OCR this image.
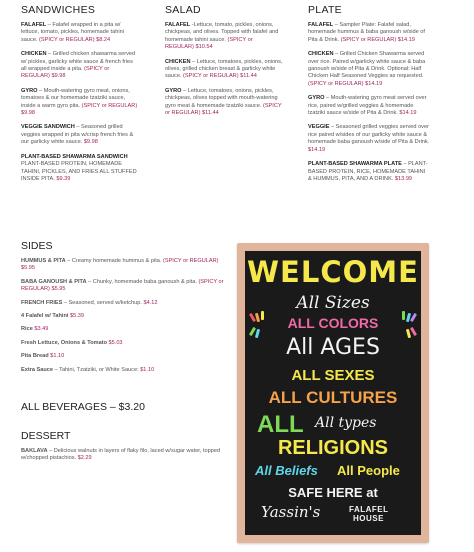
SANDWICHES
FALAFEL – Falafel wrapped in a pita w/ lettuce, tomato, pickles, homemade tahini sauce. (SPICY or REGULAR) $8.24
CHICKEN – Grilled chicken shawarma served w/ pickles, garlicky white sauce & french fries all wrapped inside a pita. (SPICY or REGULAR) $9.98
GYRO – Mouth-watering gyro meat, onions, tomatoes & our homemade tzatziki sauce, inside a warm gyro pita. (SPICY or REGULAR) $9.98
VEGGIE SANDWICH – Seasoned grilled veggies wrapped in pita w/crisp french fries & our garlicky white sauce. $9.98
PLANT-BASED SHAWARMA SANDWICH PLANT-BASED PROTEIN, HOMEMADE TAHINI, PICKLES, AND FRIES ALL STUFFED INSIDE PITA. $9.39
SALAD
FALAFEL -Lettuce, tomato, pickles, onions, chickpeas, and olives. Topped with falafel and homemade tahini sauce. (SPICY or REGULAR) $10.54
CHICKEN – Lettuce, tomatoes, pickles, onions, olives, grilled chicken breast & garlicky white sauce. (SPICY or REGULAR) $11.44
GYRO – Lettuce, tomatoes, onions, pickles, chickpeas, olives topped with mouth-watering gyro meat & homemade tzatziki sauce. (SPICY or REGULAR) $11.44
PLATE
FALAFEL – Sampler Plate: Falafel salad, homemade hummus & baba ganoush w/side of Pita & Drink. (SPICY or REGULAR) $14.19
CHICKEN – Grilled Chicken Shawarma served over rice. Paired w/garlicky white sauce & baba ganoush w/side of Pita & Drink. Optional: Half Chicken Half Seasoned Veggies as requested. (SPICY or REGULAR) $14.19
GYRO – Mouth-watering gyro meat served over rice, paired w/grilled veggies & homemade tzatziki sauce w/side of Pita & Drink. $14.19
VEGGIE – Seasoned grilled veggies served over rice paired w/sides of our garlicky white sauce & homemade baba ganoush w/side of Pita & Drink. $14.19
PLANT-BASED SHAWARMA PLATE – PLANT-BASED PROTEIN, RICE, HOMEMADE TAHINI & HUMMUS, PITA, AND A DRINK. $13.99
SIDES
HUMMUS & PITA – Creamy homemade hummus & pita. (SPICY or REGULAR) $5.95
BABA GANOUSH & PITA – Chunky, homemade baba ganoush & pita. (SPICY or REGULAR) $5.95
FRENCH FRIES – Seasoned, served w/ketchup. $4.12
4 Falafel w/ Tahini $5.39
Rice $3.49
Fresh Lettuce, Onions & Tomato $5.03
Pita Bread $1.10
Extra Sauce – Tahini, Tzatziki, or White Sauce: $1.10
ALL BEVERAGES – $3.20
DESSERT
BAKLAVA – Delicious walnuts in layers of flaky filo, laced w/sugar water, topped w/chopped pistachios. $2.29
WELCOME
All Sizes
ALL COLORS
All AGES
ALL SEXES
ALL CULTURES
ALL All types
RELIGIONS
All Beliefs All People
SAFE HERE at
Yassin's	FALAFEL
HOUSE
